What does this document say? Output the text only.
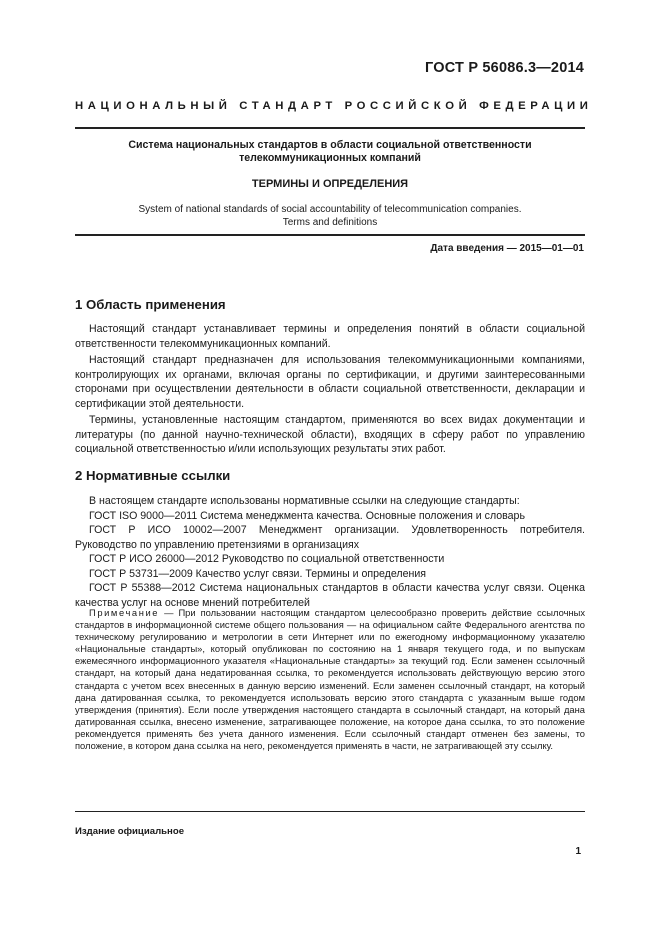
ГОСТ Р 56086.3—2014
НАЦИОНАЛЬНЫЙ СТАНДАРТ РОССИЙСКОЙ ФЕДЕРАЦИИ
Система национальных стандартов в области социальной ответственности
телекоммуникационных компаний
ТЕРМИНЫ И ОПРЕДЕЛЕНИЯ
System of national standards of social accountability of telecommunication companies.
Terms and definitions
Дата введения — 2015—01—01
1 Область применения

Настоящий стандарт устанавливает термины и определения понятий в области социальной ответственности телекоммуникационных компаний.

Настоящий стандарт предназначен для использования телекоммуникационными компаниями, контролирующих их органами, включая органы по сертификации, и другими заинтересованными сторонами при осуществлении деятельности в области социальной ответственности, декларации и сертификации этой деятельности.

Термины, установленные настоящим стандартом, применяются во всех видах документации и литературы (по данной научно-технической области), входящих в сферу работ по управлению социальной ответственностью и/или использующих результаты этих работ.

2 Нормативные ссылки

В настоящем стандарте использованы нормативные ссылки на следующие стандарты:

ГОСТ ISO 9000—2011 Система менеджмента качества. Основные положения и словарь

ГОСТ Р ИСО 10002—2007 Менеджмент организации. Удовлетворенность потребителя. Руководство по управлению претензиями в организациях

ГОСТ Р ИСО 26000—2012 Руководство по социальной ответственности

ГОСТ Р 53731—2009 Качество услуг связи. Термины и определения

ГОСТ Р 55388—2012 Система национальных стандартов в области качества услуг связи. Оценка качества услуг на основе мнений потребителей

Примечание — При пользовании настоящим стандартом целесообразно проверить действие ссылочных стандартов в информационной системе общего пользования — на официальном сайте Федерального агентства по техническому регулированию и метрологии в сети Интернет или по ежегодному информационному указателю «Национальные стандарты», который опубликован по состоянию на 1 января текущего года, и по выпускам ежемесячного информационного указателя «Национальные стандарты» за текущий год. Если заменен ссылочный стандарт, на который дана недатированная ссылка, то рекомендуется использовать действующую версию этого стандарта с учетом всех внесенных в данную версию изменений. Если заменен ссылочный стандарт, на который дана датированная ссылка, то рекомендуется использовать версию этого стандарта с указанным выше годом утверждения (принятия). Если после утверждения настоящего стандарта в ссылочный стандарт, на который дана датированная ссылка, внесено изменение, затрагивающее положение, на которое дана ссылка, то это положение рекомендуется применять без учета данного изменения. Если ссылочный стандарт отменен без замены, то положение, в котором дана ссылка на него, рекомендуется применять в части, не затрагивающей эту ссылку.
Издание официальное
1
